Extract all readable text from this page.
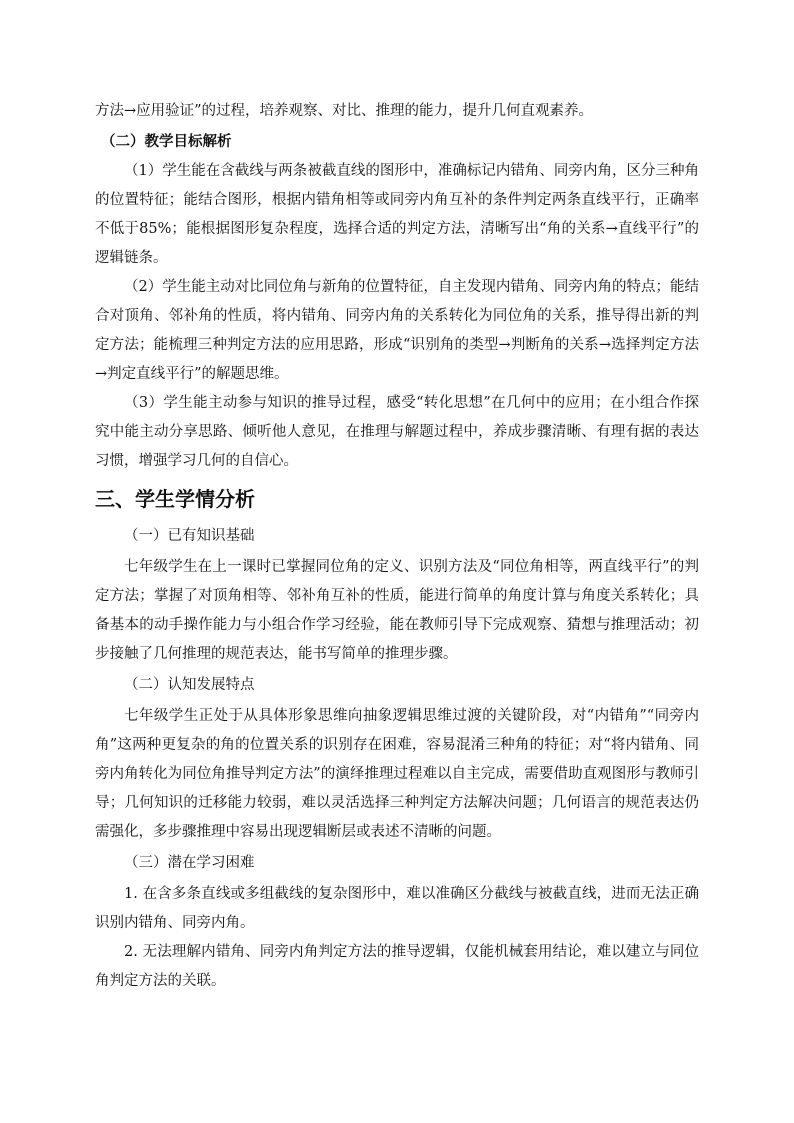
方法→应用验证”的过程，培养观察、对比、推理的能力，提升几何直观素养。

（二）教学目标解析

（1）学生能在含截线与两条被截直线的图形中，准确标记内错角、同旁内角，区分三种角的位置特征；能结合图形，根据内错角相等或同旁内角互补的条件判定两条直线平行，正确率不低于85%；能根据图形复杂程度，选择合适的判定方法，清晰写出“角的关系→直线平行”的逻辑链条。

（2）学生能主动对比同位角与新角的位置特征，自主发现内错角、同旁内角的特点；能结合对顶角、邻补角的性质，将内错角、同旁内角的关系转化为同位角的关系，推导得出新的判定方法；能梳理三种判定方法的应用思路，形成“识别角的类型→判断角的关系→选择判定方法→判定直线平行”的解题思维。

（3）学生能主动参与知识的推导过程，感受“转化思想”在几何中的应用；在小组合作探究中能主动分享思路、倾听他人意见，在推理与解题过程中，养成步骤清晰、有理有据的表达习惯，增强学习几何的自信心。

三、学生学情分析
（一）已有知识基础

七年级学生在上一课时已掌握同位角的定义、识别方法及“同位角相等，两直线平行”的判定方法；掌握了对顶角相等、邻补角互补的性质，能进行简单的角度计算与角度关系转化；具备基本的动手操作能力与小组合作学习经验，能在教师引导下完成观察、猜想与推理活动；初步接触了几何推理的规范表达，能书写简单的推理步骤。

（二）认知发展特点

七年级学生正处于从具体形象思维向抽象逻辑思维过渡的关键阶段，对“内错角”“同旁内角”这两种更复杂的角的位置关系的识别存在困难，容易混淆三种角的特征；对“将内错角、同旁内角转化为同位角推导判定方法”的演绎推理过程难以自主完成，需要借助直观图形与教师引导；几何知识的迁移能力较弱，难以灵活选择三种判定方法解决问题；几何语言的规范表达仍需强化，多步骤推理中容易出现逻辑断层或表述不清晰的问题。

（三）潜在学习困难

1. 在含多条直线或多组截线的复杂图形中，难以准确区分截线与被截直线，进而无法正确识别内错角、同旁内角。

2. 无法理解内错角、同旁内角判定方法的推导逻辑，仅能机械套用结论，难以建立与同位角判定方法的关联。
